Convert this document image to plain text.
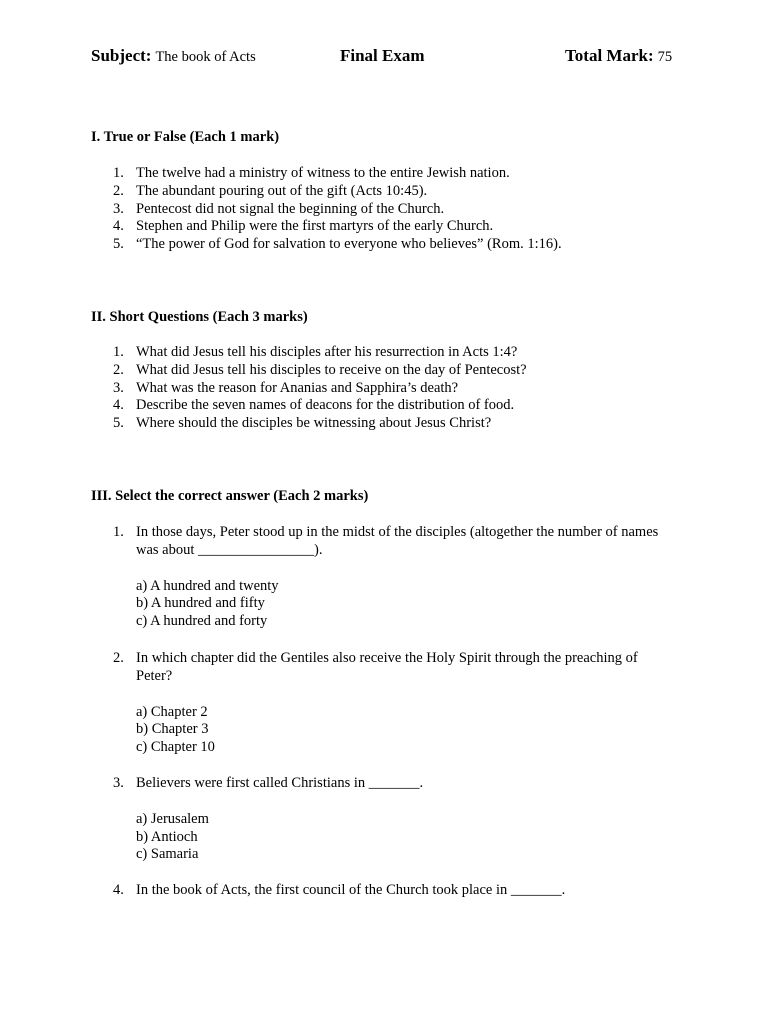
Subject: The book of Acts	Final Exam	Total Mark: 75
I. True or False (Each 1 mark)
1. The twelve had a ministry of witness to the entire Jewish nation.
2. The abundant pouring out of the gift (Acts 10:45).
3. Pentecost did not signal the beginning of the Church.
4. Stephen and Philip were the first martyrs of the early Church.
5. “The power of God for salvation to everyone who believes” (Rom. 1:16).
II. Short Questions (Each 3 marks)
1. What did Jesus tell his disciples after his resurrection in Acts 1:4?
2. What did Jesus tell his disciples to receive on the day of Pentecost?
3. What was the reason for Ananias and Sapphira’s death?
4. Describe the seven names of deacons for the distribution of food.
5. Where should the disciples be witnessing about Jesus Christ?
III. Select the correct answer (Each 2 marks)
1. In those days, Peter stood up in the midst of the disciples (altogether the number of names was about ________________).
a) A hundred and twenty
b) A hundred and fifty
c) A hundred and forty
2. In which chapter did the Gentiles also receive the Holy Spirit through the preaching of Peter?
a) Chapter 2
b) Chapter 3
c) Chapter 10
3. Believers were first called Christians in _______.
a) Jerusalem
b) Antioch
c) Samaria
4. In the book of Acts, the first council of the Church took place in _______.
